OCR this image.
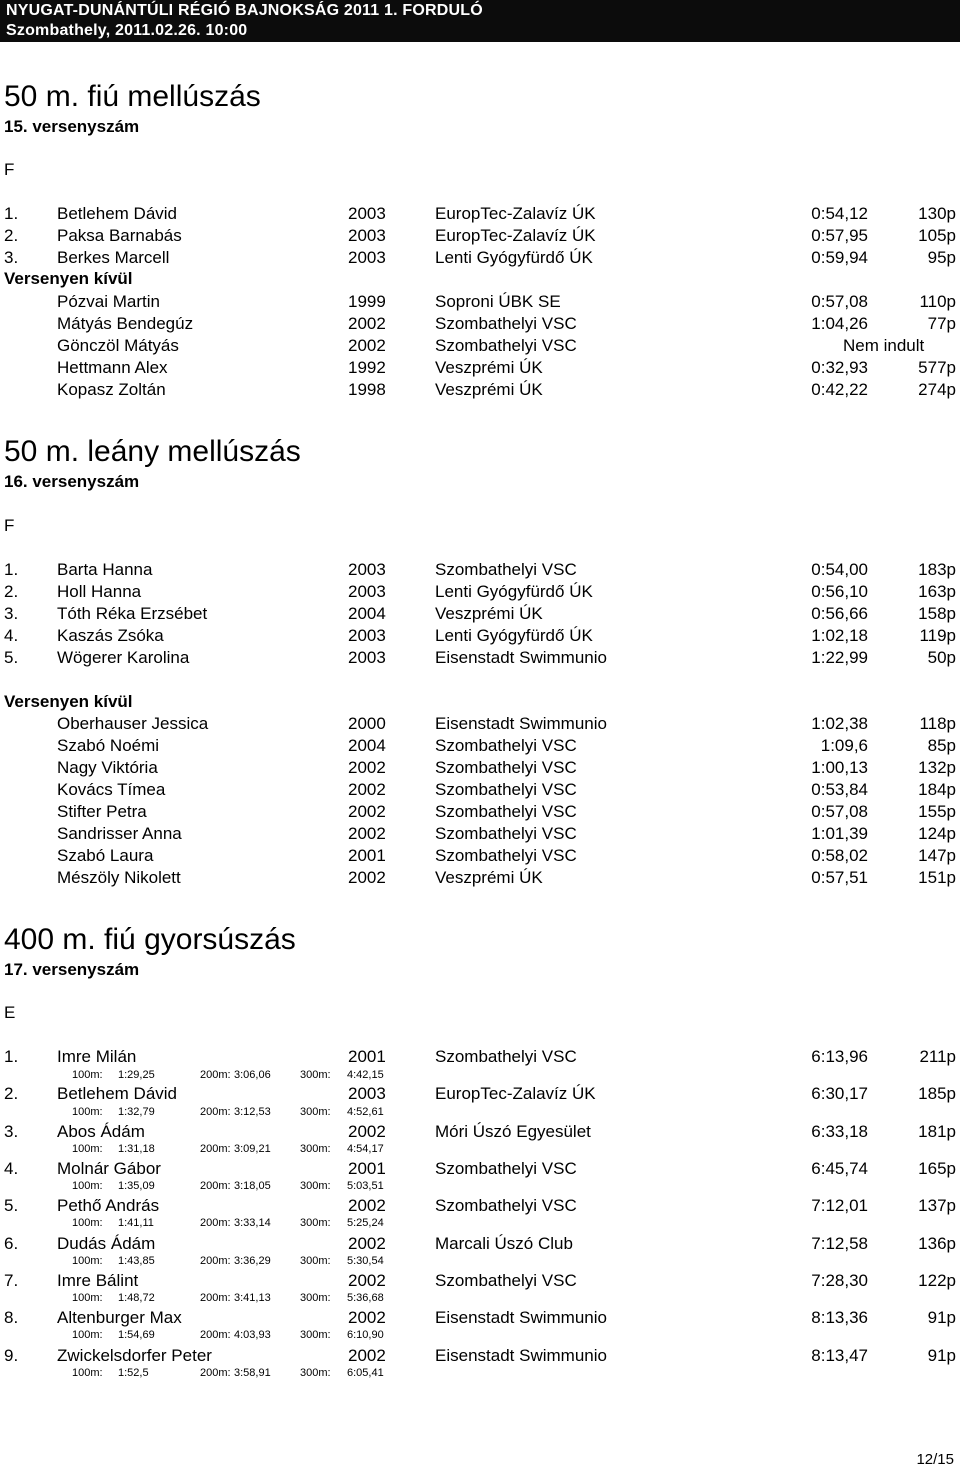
NYUGAT-DUNÁNTÚLI RÉGIÓ BAJNOKSÁG 2011 1. FORDULÓ
Szombathely, 2011.02.26. 10:00
50 m. fiú mellúszás
15. versenyszám
F
1. Betlehem Dávid	2003	EuropTec-Zalavíz ÚK	0:54,12	130p
2. Paksa Barnabás	2003	EuropTec-Zalavíz ÚK	0:57,95	105p
3. Berkes Marcell	2003	Lenti Gyógyfürdő ÚK	0:59,94	95p
Versenyen kívül
Pózvai Martin	1999	Soproni ÚBK SE	0:57,08	110p
Mátyás Bendegúz	2002	Szombathelyi VSC	1:04,26	77p
Gönczöl Mátyás	2002	Szombathelyi VSC	Nem indult
Hettmann Alex	1992	Veszprémi ÚK	0:32,93	577p
Kopasz Zoltán	1998	Veszprémi ÚK	0:42,22	274p
50 m. leány mellúszás
16. versenyszám
F
1. Barta Hanna	2003	Szombathelyi VSC	0:54,00	183p
2. Holl Hanna	2003	Lenti Gyógyfürdő ÚK	0:56,10	163p
3. Tóth Réka Erzsébet	2004	Veszprémi ÚK	0:56,66	158p
4. Kaszás Zsóka	2003	Lenti Gyógyfürdő ÚK	1:02,18	119p
5. Wögerer Karolina	2003	Eisenstadt Swimmunio	1:22,99	50p
Versenyen kívül
Oberhauser Jessica	2000	Eisenstadt Swimmunio	1:02,38	118p
Szabó Noémi	2004	Szombathelyi VSC	1:09,6	85p
Nagy Viktória	2002	Szombathelyi VSC	1:00,13	132p
Kovács Tímea	2002	Szombathelyi VSC	0:53,84	184p
Stifter Petra	2002	Szombathelyi VSC	0:57,08	155p
Sandrisser Anna	2002	Szombathelyi VSC	1:01,39	124p
Szabó Laura	2001	Szombathelyi VSC	0:58,02	147p
Mészöly Nikolett	2002	Veszprémi ÚK	0:57,51	151p
400 m. fiú gyorsúszás
17. versenyszám
E
1. Imre Milán	2001	Szombathelyi VSC	6:13,96	211p
100m: 1:29,25	200m: 3:06,06	300m: 4:42,15
2. Betlehem Dávid	2003	EuropTec-Zalavíz ÚK	6:30,17	185p
100m: 1:32,79	200m: 3:12,53	300m: 4:52,61
3. Abos Ádám	2002	Móri Úszó Egyesület	6:33,18	181p
100m: 1:31,18	200m: 3:09,21	300m: 4:54,17
4. Molnár Gábor	2001	Szombathelyi VSC	6:45,74	165p
100m: 1:35,09	200m: 3:18,05	300m: 5:03,51
5. Pethő András	2002	Szombathelyi VSC	7:12,01	137p
100m: 1:41,11	200m: 3:33,14	300m: 5:25,24
6. Dudás Ádám	2002	Marcali Úszó Club	7:12,58	136p
100m: 1:43,85	200m: 3:36,29	300m: 5:30,54
7. Imre Bálint	2002	Szombathelyi VSC	7:28,30	122p
100m: 1:48,72	200m: 3:41,13	300m: 5:36,68
8. Altenburger Max	2002	Eisenstadt Swimmunio	8:13,36	91p
100m: 1:54,69	200m: 4:03,93	300m: 6:10,90
9. Zwickelsdorfer Peter	2002	Eisenstadt Swimmunio	8:13,47	91p
100m: 1:52,5	200m: 3:58,91	300m: 6:05,41
12/15
